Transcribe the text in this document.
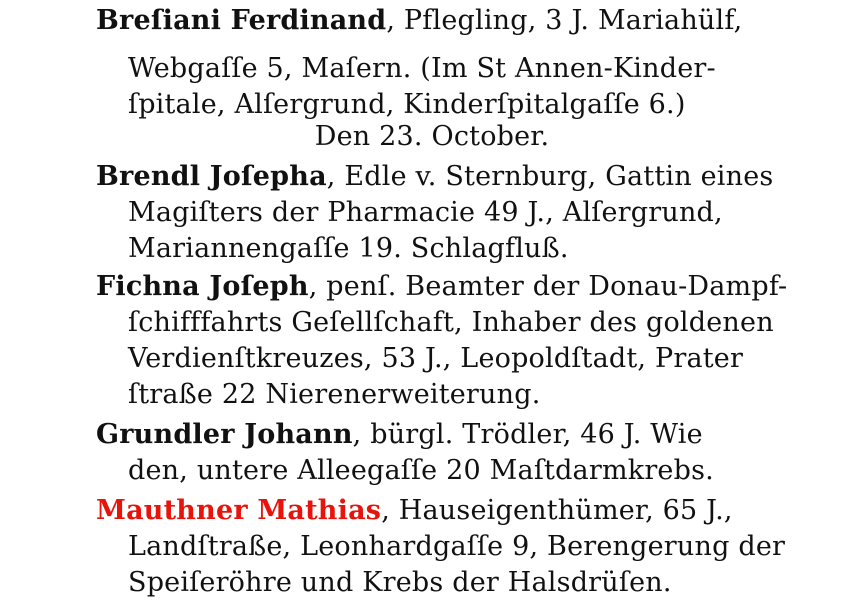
Breſiani Ferdinand, Pflegling, 3 J. Mariahülf,
Webgaſſe 5, Maſern. (Im St Annen-Kinder-
ſpitale, Alſergrund, Kinderſpitalgaſſe 6.)
Den 23. October.
Brendl Joſepha, Edle v. Sternburg, Gattin eines
Magiſters der Pharmacie 49 J., Alſergrund,
Mariannengaſſe 19. Schlagfluß.
Fichna Joſeph, penſ. Beamter der Donau-Dampf-
ſchifffahrts Geſellſchaft, Inhaber des goldenen
Verdienſtkreuzes, 53 J., Leopoldſtadt, Prater
ſtraße 22 Nierenerweiterung.
Grundler Johann, bürgl. Trödler, 46 J. Wie
den, untere Alleegaſſe 20 Maſtdarmkrebs.
Mauthner Mathias, Hauseigenthümer, 65 J.,
Landſtraße, Leonhardgaſſe 9, Berengerung der
Speiſeröhre und Krebs der Halsdrüſen.
